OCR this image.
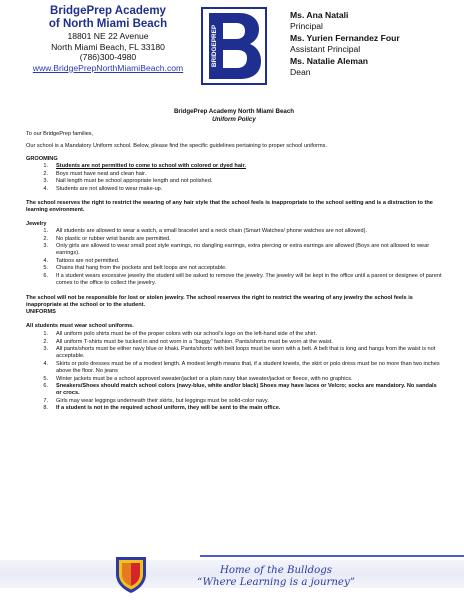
BridgePrep Academy
of North Miami Beach
18801 NE 22 Avenue
North Miami Beach, FL 33180
(786)300-4980
www.BridgePrepNorthMiamiBeach.com
BRIDGEPREP
Ms. Ana Natali
Principal
Ms. Yurien Fernandez Four
Assistant Principal
Ms. Natalie Aleman
Dean
BridgePrep Academy North Miami Beach
Uniform Policy
To our BridgePrep families,
Our school is a Mandatory Uniform school. Below, please find the specific guidelines pertaining to proper school uniforms.
GROOMING
1.	Students are not permitted to come to school with colored or dyed hair.
2.	Boys must have neat and clean hair.
3.	Nail length must be school appropriate length and not polished.
4.	Students are not allowed to wear make-up.
The school reserves the right to restrict the wearing of any hair style that the school feels is inappropriate to the school setting and is a distraction to the learning environment.
Jewelry
1.	All students are allowed to wear a watch, a small bracelet and a neck chain (Smart Watches/ phone watches are not allowed).
2.	No plastic or rubber wrist bands are permitted.
3.	Only girls are allowed to wear small post style earrings, no dangling earrings, extra piercing or extra earrings are allowed (Boys are not allowed to wear earrings).
4.	Tattoos are not permitted.
5.	Chains that hang from the pockets and belt loops are not acceptable.
6.	If a student wears excessive jewelry the student will be asked to remove the jewelry. The jewelry will be kept in the office until a parent or designee of parent comes to the office to collect the jewelry.
The school will not be responsible for lost or stolen jewelry. The school reserves the right to restrict the wearing of any jewelry the school feels is inappropriate at the school or to the student.
UNIFORMS
All students must wear school uniforms.
1.	All uniform polo shirts must be of the proper colors with our school's logo on the left-hand side of the shirt.
2.	All uniform T-shirts must be tucked in and not worn in a “baggy” fashion. Pants/shorts must be worn at the waist.
3.	All pants/shorts must be either navy blue or khaki. Pants/shorts with belt loops must be worn with a belt. A belt that is long and hangs from the waist is not acceptable.
4.	Skirts or polo dresses must be of a modest length. A modest length means that, if a student kneels, the skirt or polo dress must be no more than two inches above the floor. No jeans
5.	Winter jackets must be a school approved sweater/jacket or a plain navy blue sweater/jacket or fleece, with no graphics.
6.	Sneakers/Shoes should match school colors (navy-blue, white and/or black) Shoes may have laces or Velcro; socks are mandatory. No sandals or crocs.
7.	Girls may wear leggings underneath their skirts, but leggings must be solid-color navy.
8.	If a student is not in the required school uniform, they will be sent to the main office.
Home of the Bulldogs
“Where Learning is a journey”
